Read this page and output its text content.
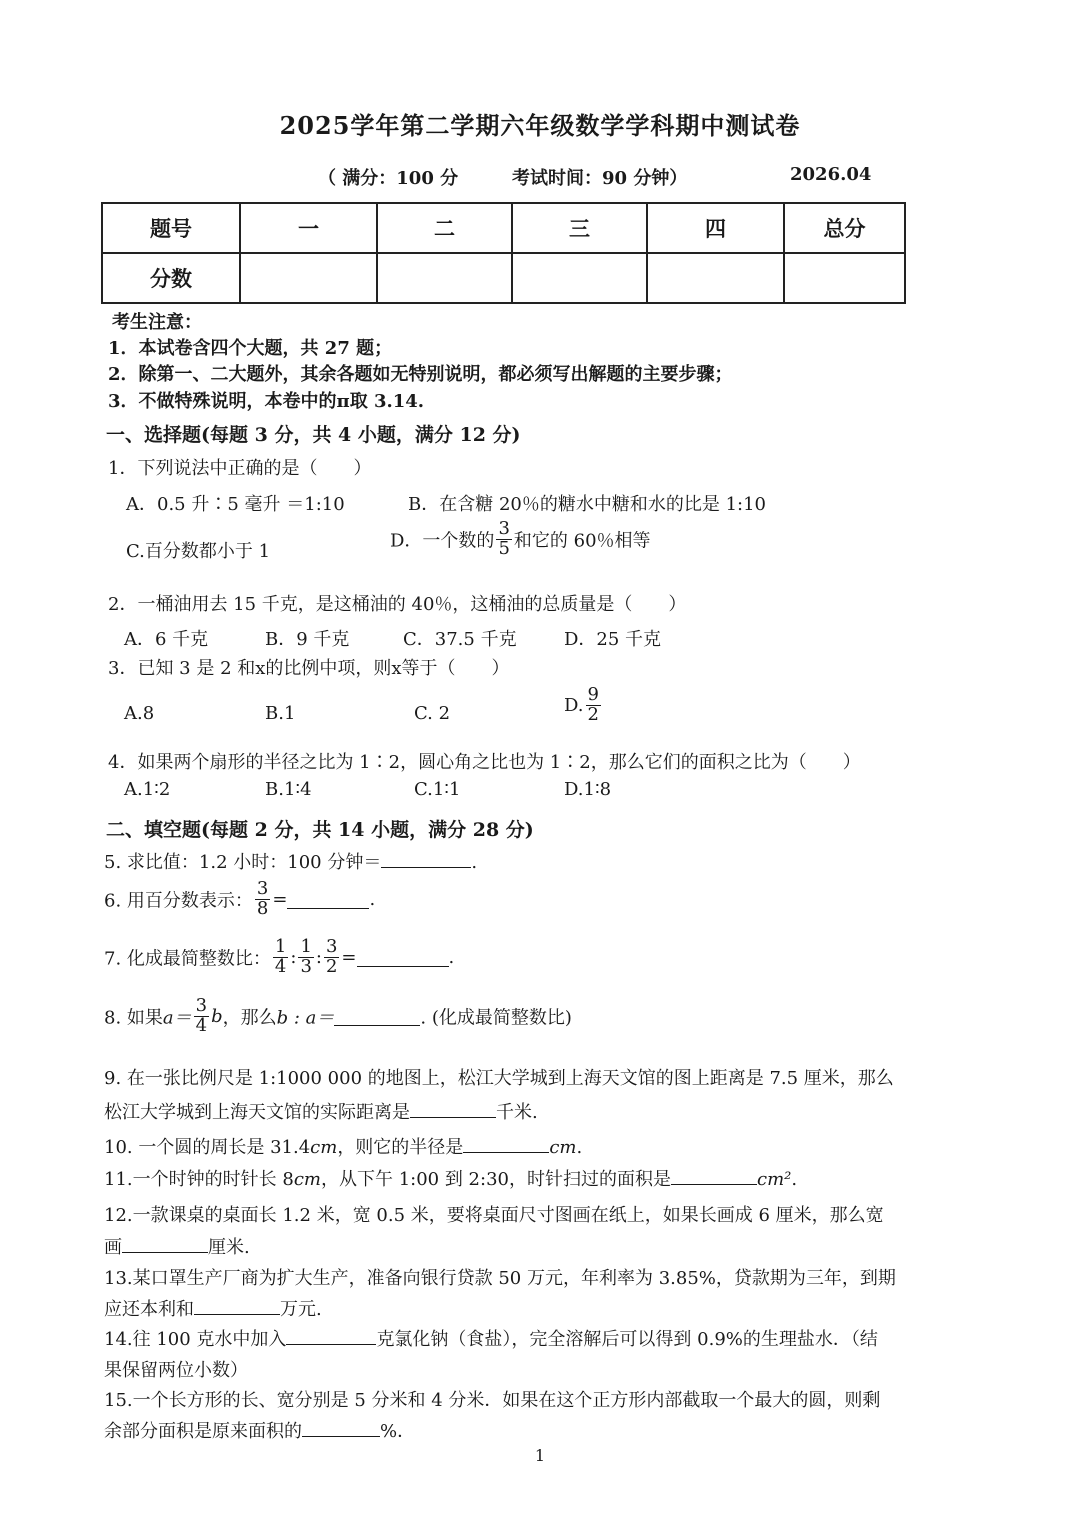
2025学年第二学期六年级数学学科期中测试卷
（ 满分：100 分	考试时间：90 分钟）	2026.04
题号	一	二	三	四	总分
分数					
考生注意：
1．本试卷含四个大题，共 27 题；
2．除第一、二大题外，其余各题如无特别说明，都必须写出解题的主要步骤；
3．不做特殊说明，本卷中的π取 3.14.
一、选择题(每题 3 分，共 4 小题，满分 12 分)
1．下列说法中正确的是（　　）
A．0.5 升∶5 毫升 ＝1:10	B．在含糖 20％的糖水中糖和水的比是 1:10
C.百分数都小于 1
D．一个数的 $\frac{3}{5}$ 和它的 60％相等
2．一桶油用去 15 千克，是这桶油的 40％，这桶油的总质量是（　　）
A．6 千克	B．9 千克	C．37.5 千克	D．25 千克
3．已知 3 是 2 和x的比例中项，则x等于（　　）
A.8	B.1	C. 2	D. $\frac{9}{2}$
4．如果两个扇形的半径之比为 1∶2，圆心角之比也为 1∶2，那么它们的面积之比为（　　）
A.1∶2	B.1∶4	C.1∶1	D.1∶8
二、填空题(每题 2 分，共 14 小题，满分 28 分)
5. 求比值：1.2 小时：100 分钟＝	.
6. 用百分数表示： $\frac{3}{8}$ =	.
7. 化成最简整数比： $\frac{1}{4}$ : $\frac{1}{3}$ : $\frac{3}{2}$ =	.
8. 如果$a= \frac{3}{4}$ b，那么b : a＝	. (化成最简整数比)
9. 在一张比例尺是 1:1000 000 的地图上，松江大学城到上海天文馆的图上距离是 7.5 厘米，那么
松江大学城到上海天文馆的实际距离是	千米.
10. 一个圆的周长是 31.4cm，则它的半径是	cm.
11.一个时钟的时针长 8cm，从下午 1:00 到 2:30，时针扫过的面积是	cm².
12.一款课桌的桌面长 1.2 米，宽 0.5 米，要将桌面尺寸图画在纸上，如果长画成 6 厘米，那么宽
画	厘米.
13.某口罩生产厂商为扩大生产，准备向银行贷款 50 万元，年利率为 3.85%，贷款期为三年，到期
应还本利和	万元.
14.往 100 克水中加入	克氯化钠（食盐），完全溶解后可以得到 0.9%的生理盐水．（结
果保留两位小数）
15.一个长方形的长、宽分别是 5 分米和 4 分米．如果在这个正方形内部截取一个最大的圆，则剩
余部分面积是原来面积的	%．
1
